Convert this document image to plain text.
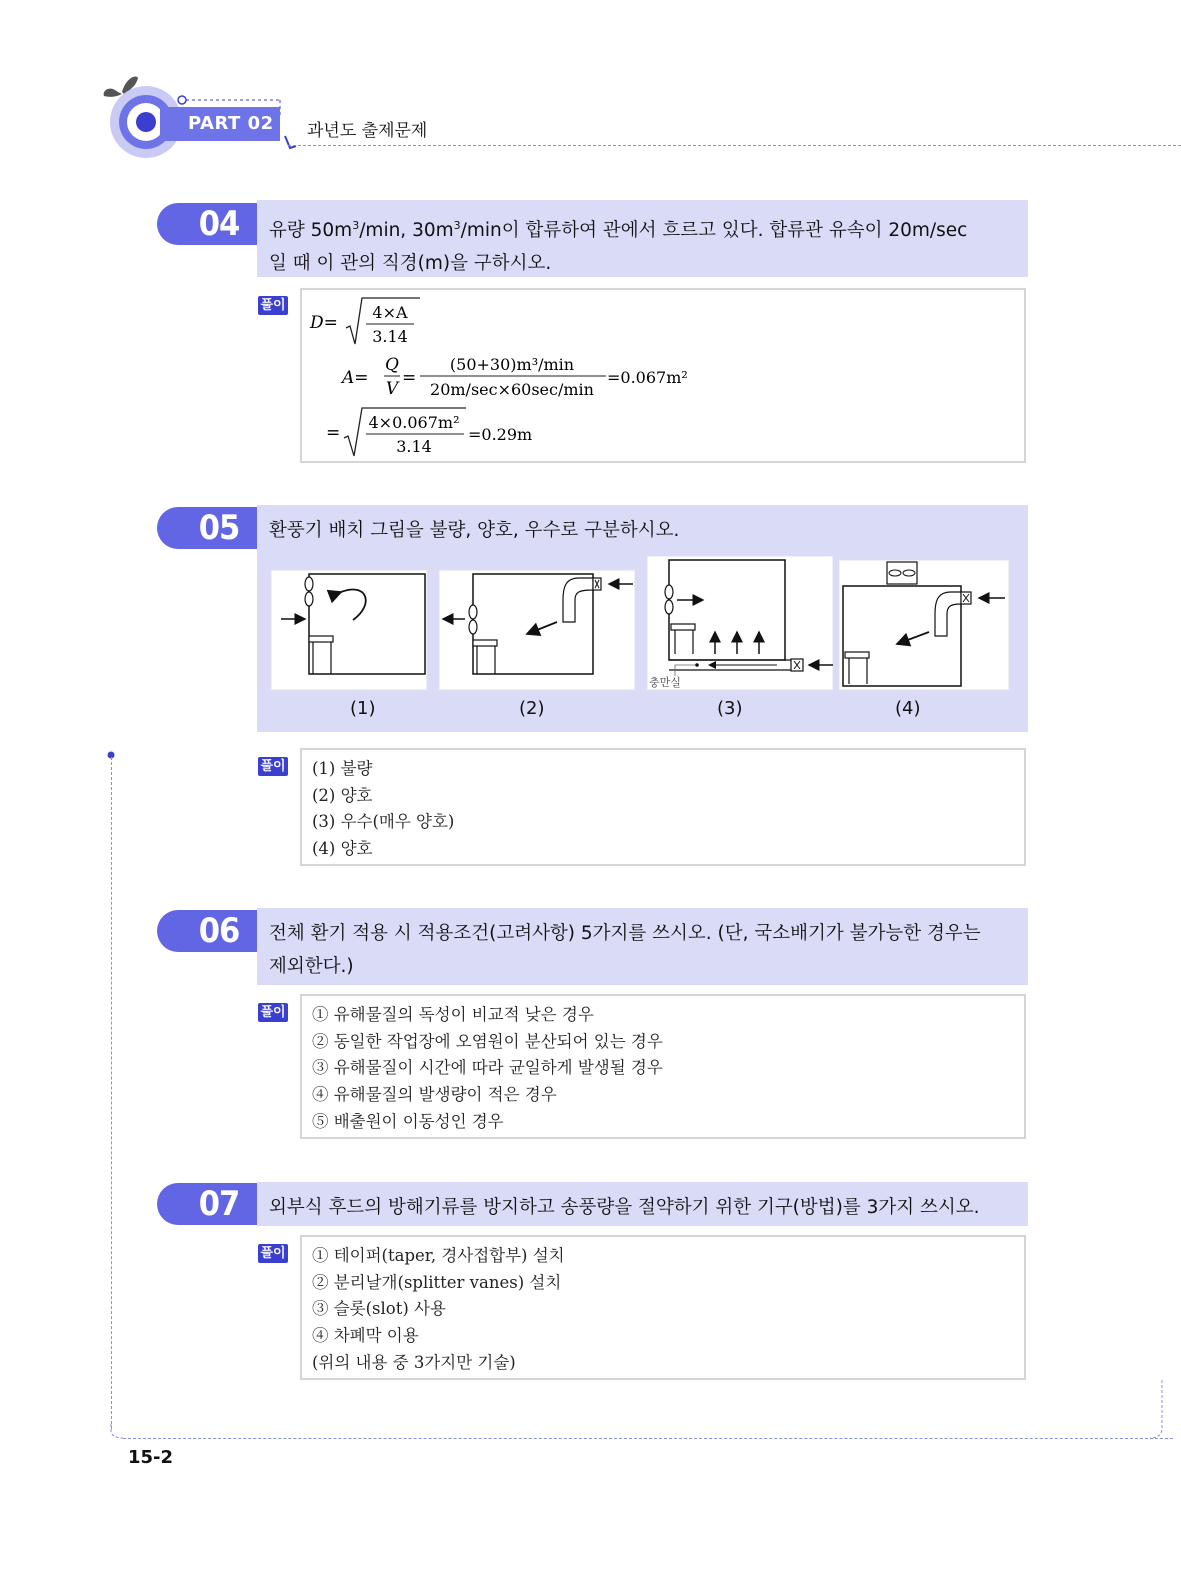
PART 02	과년도 출제문제
04	유량 $50m^3/\min$, $30m^3/\min$이 합류하여 관에서 흐르고 있다. 합류관 유속이 20m/sec
일 때 이 관의 직경(m)을 구하시오.
풀이
D=
4×A
3.14
A=
Q
V
=
(50+30)m³/min
20m/sec×60sec/min
=0.067m²
=
4×0.067m²
3.14
=0.29m
05	환풍기 배치 그림을 불량, 양호, 우수로 구분하시오.
충만실
(1)	(2)	(3)	(4)
풀이 (1) 불량
(2) 양호
(3) 우수(매우 양호)
(4) 양호
06	전체 환기 적용 시 적용조건(고려사항) 5가지를 쓰시오. (단, 국소배기가 불가능한 경우는
제외한다.)
풀이 ① 유해물질의 독성이 비교적 낮은 경우
② 동일한 작업장에 오염원이 분산되어 있는 경우
③ 유해물질이 시간에 따라 균일하게 발생될 경우
④ 유해물질의 발생량이 적은 경우
⑤ 배출원이 이동성인 경우
07	외부식 후드의 방해기류를 방지하고 송풍량을 절약하기 위한 기구(방법)를 3가지 쓰시오.
풀이 ① 테이퍼(taper, 경사접합부) 설치
② 분리날개(splitter vanes) 설치
③ 슬롯(slot) 사용
④ 차폐막 이용
(위의 내용 중 3가지만 기술)
15-2
